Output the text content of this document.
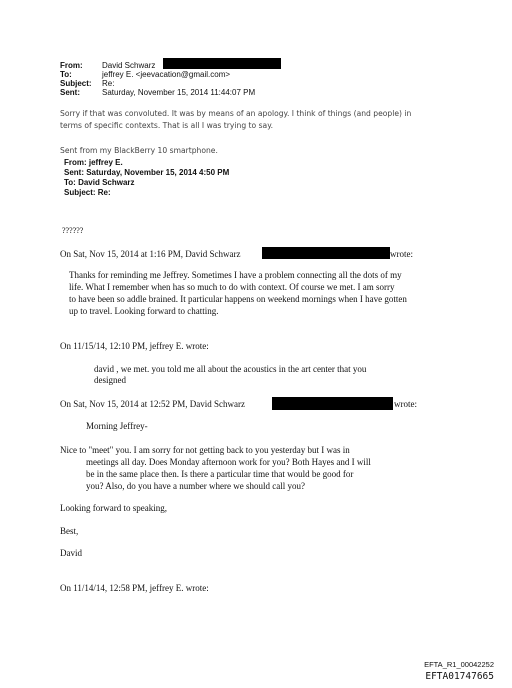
From: David Schwarz
To:	jeffrey E. <jeevacation@gmail.com>
Subject: Re:
Sent:	Saturday, November 15, 2014 11:44:07 PM
Sorry if that was convoluted. It was by means of an apology. I think of things (and people) in
terms of specific contexts. That is all I was trying to say.
Sent from my BlackBerry 10 smartphone.
From: jeffrey E.
Sent: Saturday, November 15, 2014 4:50 PM
To: David Schwarz
Subject: Re:
??????
On Sat, Nov 15, 2014 at 1:16 PM, David Schwarz	wrote:
Thanks for reminding me Jeffrey. Sometimes I have a problem connecting all the dots of my
life. What I remember when has so much to do with context. Of course we met. I am sorry
to have been so addle brained. It particular happens on weekend mornings when I have gotten
up to travel. Looking forward to chatting.
On 11/15/14, 12:10 PM, jeffrey E. wrote:
david , we met. you told me all about the acoustics in the art center that you
designed
On Sat, Nov 15, 2014 at 12:52 PM, David Schwarz	wrote:
Morning Jeffrey-
Nice to "meet" you. I am sorry for not getting back to you yesterday but I was in
meetings all day. Does Monday afternoon work for you? Both Hayes and I will
be in the same place then. Is there a particular time that would be good for
you? Also, do you have a number where we should call you?
Looking forward to speaking,
Best,
David
On 11/14/14, 12:58 PM, jeffrey E. wrote:
EFTA_R1_00042252
EFTA01747665
